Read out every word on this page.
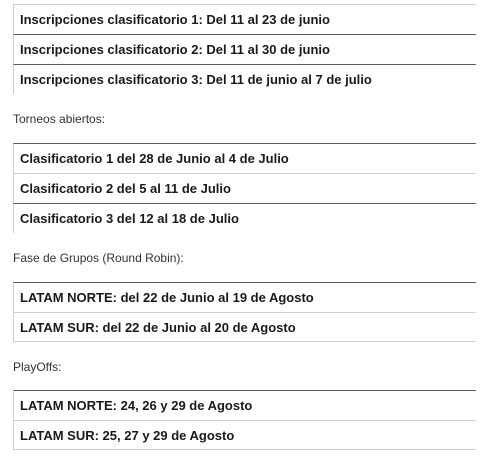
Inscripciones clasificatorio 1: Del 11 al 23 de junio
Inscripciones clasificatorio 2: Del 11 al 30 de junio
Inscripciones clasificatorio 3: Del 11 de junio al 7 de julio
Torneos abiertos:
Clasificatorio 1 del 28 de Junio al 4 de Julio
Clasificatorio 2 del 5 al 11 de Julio
Clasificatorio 3 del 12 al 18 de Julio
Fase de Grupos (Round Robin):
LATAM NORTE: del 22 de Junio al 19 de Agosto
LATAM SUR: del 22 de Junio al 20 de Agosto
PlayOffs:
LATAM NORTE: 24, 26 y 29 de Agosto
LATAM SUR: 25, 27 y 29 de Agosto
